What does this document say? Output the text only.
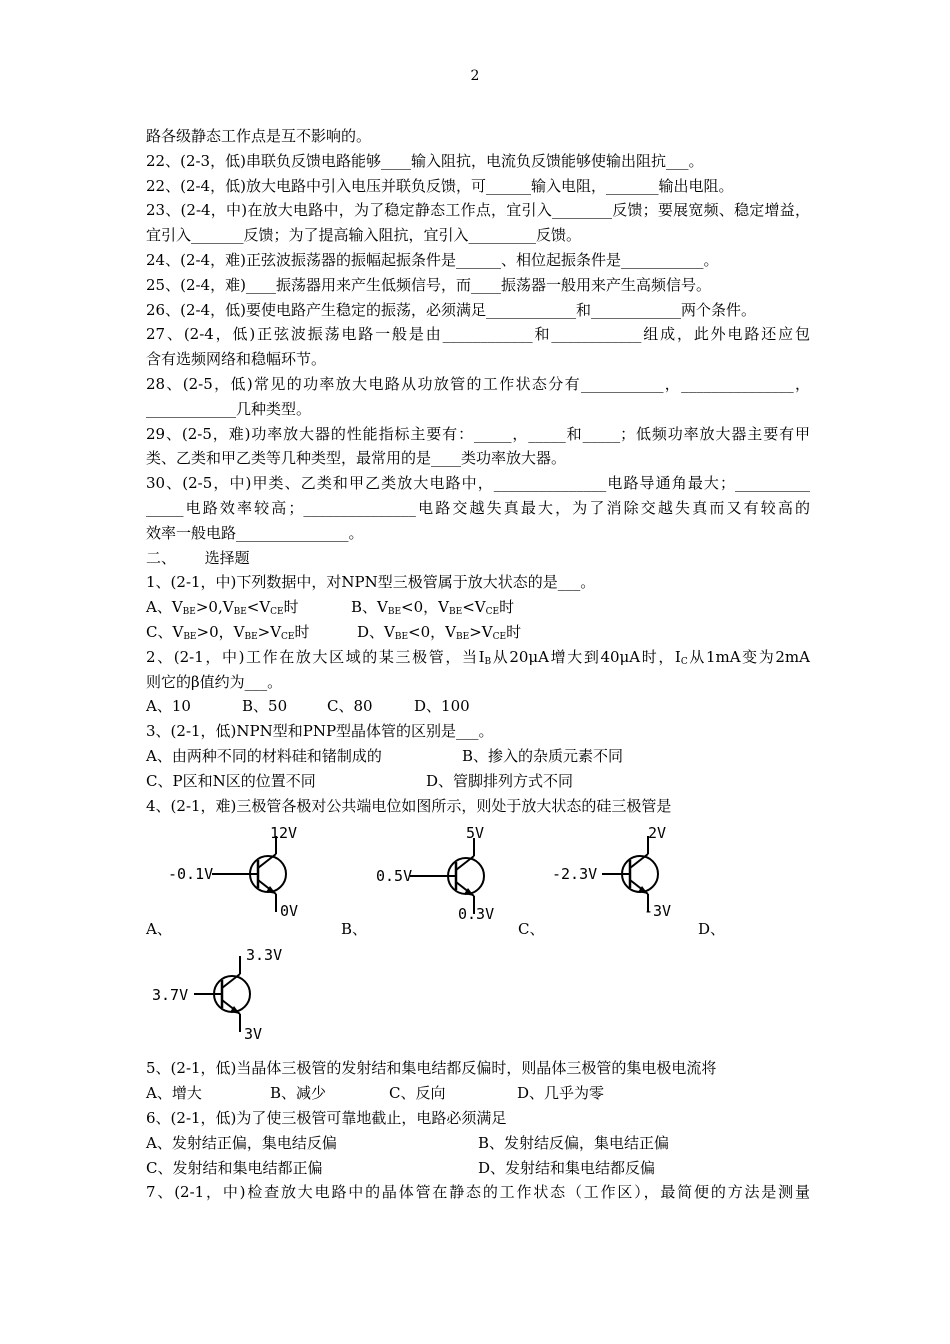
2
路各级静态工作点是互不影响的。
22、(2-3，低)串联负反馈电路能够____输入阻抗，电流负反馈能够使输出阻抗___。
22、(2-4，低)放大电路中引入电压并联负反馈，可______输入电阻，_______输出电阻。
23、(2-4，中)在放大电路中，为了稳定静态工作点，宜引入________反馈；要展宽频、稳定增益，
宜引入_______反馈；为了提高输入阻抗，宜引入_________反馈。
24、(2-4，难)正弦波振荡器的振幅起振条件是______、相位起振条件是___________。
25、(2-4，难)____振荡器用来产生低频信号，而____振荡器一般用来产生高频信号。
26、(2-4，低)要使电路产生稳定的振荡，必须满足____________和____________两个条件。
27、(2-4，低)正弦波振荡电路一般是由____________和____________组成，此外电路还应包
含有选频网络和稳幅环节。
28、(2-5，低)常见的功率放大电路从功放管的工作状态分有___________，_______________，
____________几种类型。
29、(2-5，难)功率放大器的性能指标主要有：_____，_____和_____；低频功率放大器主要有甲
类、乙类和甲乙类等几种类型，最常用的是____类功率放大器。
30、(2-5，中)甲类、乙类和甲乙类放大电路中，_______________电路导通角最大；__________
_____电路效率较高；_______________电路交越失真最大，为了消除交越失真而又有较高的
效率一般电路_______________。
二、      选择题
1、(2-1，中)下列数据中，对NPN型三极管属于放大状态的是___。
A、$V_{BE}>0,V_{BE}<V_{CE}$时	B、$V_{BE}<0$，$V_{BE}<V_{CE}$时
C、$V_{BE}>0$，$V_{BE}>V_{CE}$时	D、$V_{BE}<0$，$V_{BE}>V_{CE}$时
2、(2-1，中)工作在放大区域的某三极管，当$I_B$从20μA增大到40μA时，$I_C$从1mA变为2mA
则它的β值约为___。
A、10	B、50	C、80	D、100
3、(2-1，低)NPN型和PNP型晶体管的区别是___。
A、由两种不同的材料硅和锗制成的	B、掺入的杂质元素不同
C、P区和N区的位置不同	D、管脚排列方式不同
4、(2-1，难)三极管各极对公共端电位如图所示，则处于放大状态的硅三极管是
-0.1V
12V
0V
0.5V
5V
0.3V
-2.3V
2V
-3V
A、	B、	C、	D、
3.7V
3.3V
3V
5、(2-1，低)当晶体三极管的发射结和集电结都反偏时，则晶体三极管的集电极电流将
A、增大	B、减少	C、反向	D、几乎为零
6、(2-1，低)为了使三极管可靠地截止，电路必须满足
A、发射结正偏，集电结反偏	B、发射结反偏，集电结正偏
C、发射结和集电结都正偏	D、发射结和集电结都反偏
7、(2-1，中)检查放大电路中的晶体管在静态的工作状态（工作区），最简便的方法是测量
